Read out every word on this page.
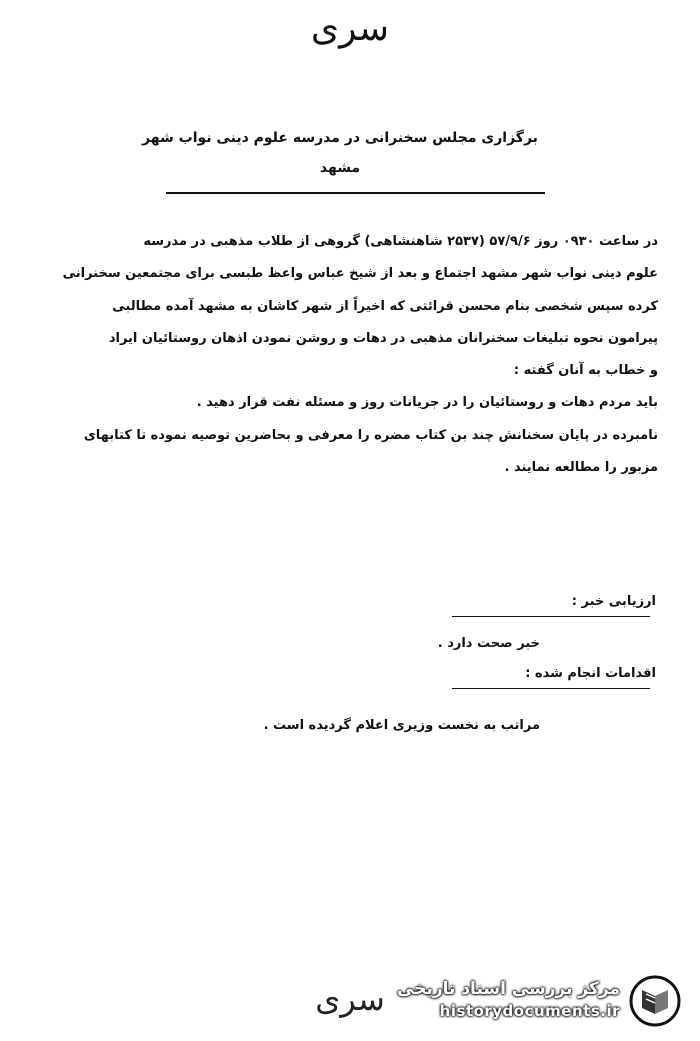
سری
برگزاری مجلس سخنرانی در مدرسه علوم دینی نواب شهر
مشهد

در ساعت ۰۹۳۰ روز ۵۷/۹/۶ (۲۵۳۷ شاهنشاهی) گروهی از طلاب مذهبی در مدرسه

علوم دینی نواب شهر مشهد اجتماع و بعد از شیخ عباس واعظ طبسی برای مجتمعین سخنرانی

کرده سپس شخصی بنام محسن قرائتی که اخیراً از شهر کاشان به مشهد آمده مطالبی

پیرامون نحوه تبلیغات سخنرانان مذهبی در دهات و روشن نمودن اذهان روستائیان ایراد

و خطاب به آنان گفته :

باید مردم دهات و روستائیان را در جریانات روز و مسئله نفت قرار دهید .

نامبرده در پایان سخنانش چند بن کتاب مضره را معرفی و بحاضرین توصیه نموده تا کتابهای

مزبور را مطالعه نمایند .

ارزیابی خبر :
خبر صحت دارد .
اقدامات انجام شده :
مراتب به نخست وزیری اعلام گردیده است .
سری مرکز بررسی اسناد تاریخی
historydocuments.ir
